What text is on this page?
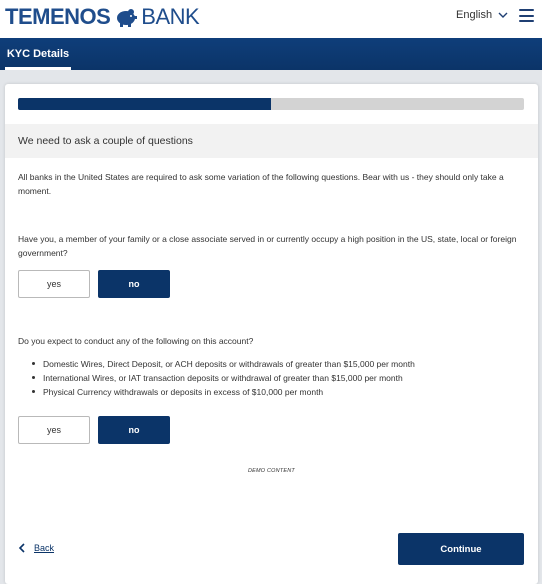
TEMENOS BANK	English
KYC Details
We need to ask a couple of questions
All banks in the United States are required to ask some variation of the following questions. Bear with us - they should only take a moment.
Have you, a member of your family or a close associate served in or currently occupy a high position in the US, state, local or foreign government?
yes	no
Do you expect to conduct any of the following on this account?
Domestic Wires, Direct Deposit, or ACH deposits or withdrawals of greater than $15,000 per month
International Wires, or IAT transaction deposits or withdrawal of greater than $15,000 per month
Physical Currency withdrawals or deposits in excess of $10,000 per month
yes	no
DEMO CONTENT
Back	Continue
